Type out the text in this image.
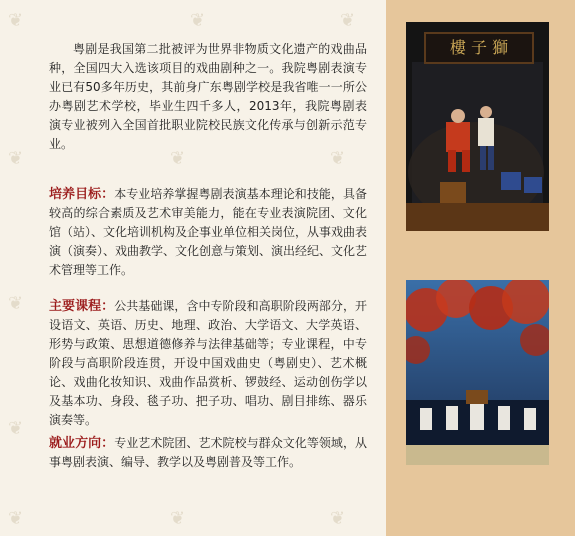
❦	❦	❦
❦	❦	❦
❦
❦
❦	❦	❦
粤剧是我国第二批被评为世界非物质文化遗产的戏曲品种，全国四大入选该项目的戏曲剧种之一。我院粤剧表演专业已有50多年历史，其前身广东粤剧学校是我省唯一一所公办粤剧艺术学校，毕业生四千多人，2013年，我院粤剧表演专业被列入全国首批职业院校民族文化传承与创新示范专业。
培养目标：本专业培养掌握粤剧表演基本理论和技能，具备较高的综合素质及艺术审美能力，能在专业表演院团、文化馆（站）、文化培训机构及企事业单位相关岗位，从事戏曲表演（演奏）、戏曲教学、文化创意与策划、演出经纪、文化艺术管理等工作。
主要课程：公共基础课，含中专阶段和高职阶段两部分，开设语文、英语、历史、地理、政治、大学语文、大学英语、形势与政策、思想道德修养与法律基础等；专业课程，中专阶段与高职阶段连贯，开设中国戏曲史（粤剧史）、艺术概论、戏曲化妆知识、戏曲作品赏析、锣鼓经、运动创伤学以及基本功、身段、毯子功、把子功、唱功、剧目排练、器乐演奏等。
就业方向：专业艺术院团、艺术院校与群众文化等领域，从事粤剧表演、编导、教学以及粤剧普及等工作。
樓 子 獅
